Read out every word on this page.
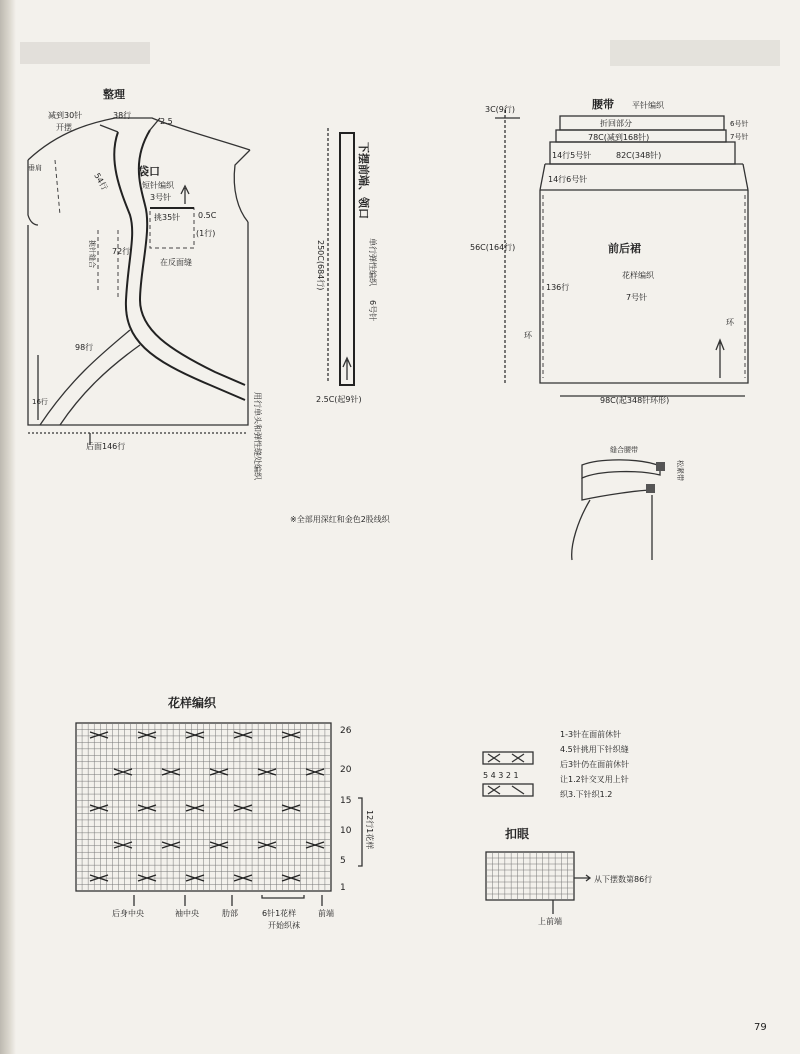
整理
减到30针
开摆
38行
2.5
垂肩
54行	袋口
短针编织
3号针
挑35针 0.5C
(1行)
在反面缝
挑针缝合 72行
98行
16行
后面146行	用行单头和弹性缝处编织
下摆前端、领口
250C(684行)	单行弹性编织
6号针
2.5C(起9针)
3C(9行)	腰带 平针编织
折回部分
78C(减到168针)
6号针
7号针
14行5号针	82C(348针)
14行6号针
56C(164行)	前后裙
花样编织
7号针
136行
环
环
98C(起348针环形)
缝合腰带
松紧带
※全部用深红和金色2股线织
花样编织
26
20
15
10
5
1
12行1花样
后身中央	袖中央	肋部	6针1花样
开始织袜
前端
5 4 3 2 1
1-3针在面前休针
4.5针挑用下针织缝
后3针仍在面前休针
让1.2针交叉用上针
织3.下针织1.2
扣眼
从下摆数第86行
上前端
79
